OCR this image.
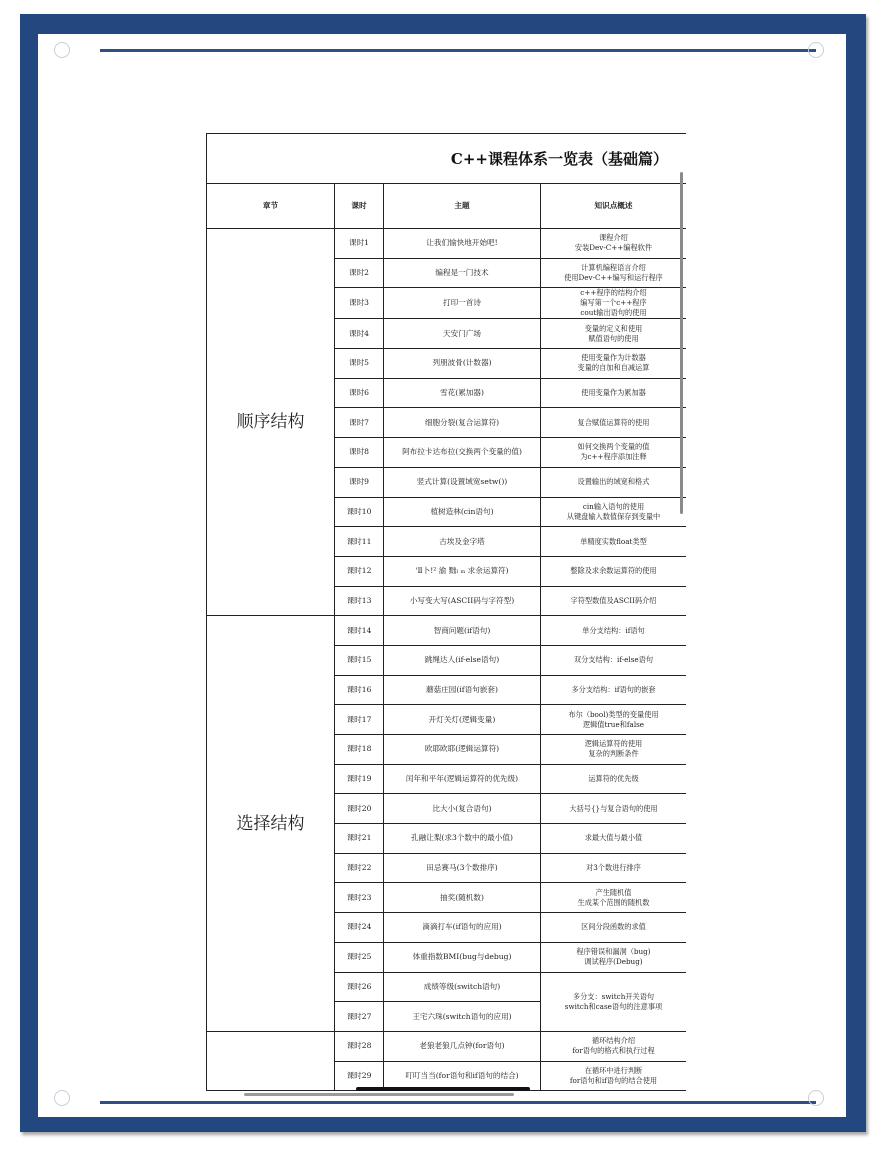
C++课程体系一览表（基础篇）
章节	课时	主题	知识点概述
顺序结构	课时1	让我们愉快地开始吧!	课程介绍
安装Dev-C++编程软件
	课时2	编程是一门技术	计算机编程语言介绍
使用Dev-C++编写和运行程序
	课时3	打印一首诗	c++程序的结构介绍
编写第一个c++程序
cout输出语句的使用
	课时4	天安门广场	变量的定义和使用
赋值语句的使用
	课时5	列朋波骨(计数器)	使用变量作为计数器
变量的自加和自减运算
	课时6	雪花(累加器)	使用变量作为累加器
	课时7	细胞分裂(复合运算符)	复合赋值运算符的使用
	课时8	阿布拉卡达布拉(交换两个变量的值)	如何交换两个变量的值
为c++程序添加注释
	课时9	竖式计算(设置域宽setw())	设置输出的域宽和格式
	课时10	植树造林(cin语句)	cin输入语句的使用
从键盘输入数值保存到变量中
	课时11	古埃及金字塔	单精度实数float类型
	课时12	'Ⅱ卜!² 渝 黜ₗ ₘ 求余运算符)	整除及求余数运算符的使用
	课时13	小写变大写(ASCII码与字符型)	字符型数值及ASCII码介绍
选择结构	课时14	智商问题(if语句)	单分支结构：if语句
	课时15	跳绳达人(if-else语句)	双分支结构：if-else语句
	课时16	蘑菇庄园(if语句嵌套)	多分支结构：if语句的嵌套
	课时17	开灯关灯(逻辑变量)	布尔（bool)类型的变量使用
逻辑值true和false
	课时18	欧耶欧耶(逻辑运算符)	逻辑运算符的使用
复杂的判断条件
	课时19	闰年和平年(逻辑运算符的优先级)	运算符的优先级
	课时20	比大小(复合语句)	大括号{}与复合语句的使用
	课时21	孔融让梨(求3个数中的最小值)	求最大值与最小值
	课时22	田忌赛马(3个数排序)	对3个数进行排序
	课时23	抽奖(随机数)	产生随机值
生成某个范围的随机数
	课时24	滴滴打车(if语句的应用)	区间分段函数的求值
	课时25	体重指数BMI(bug与debug)	程序错误和漏洞（bug)
调试程序(Debug)
	课时26	成绩等级(switch语句)	多分支：switch开关语句
switch和case语句的注意事项
	课时27	王宅六珠(switch语句的应用)	
	课时28	老狼老狼几点钟(for语句)	循环结构介绍
for语句的格式和执行过程
	课时29	叮叮当当(for语句和if语句的结合)	在循环中进行判断
for语句和if语句的结合使用
